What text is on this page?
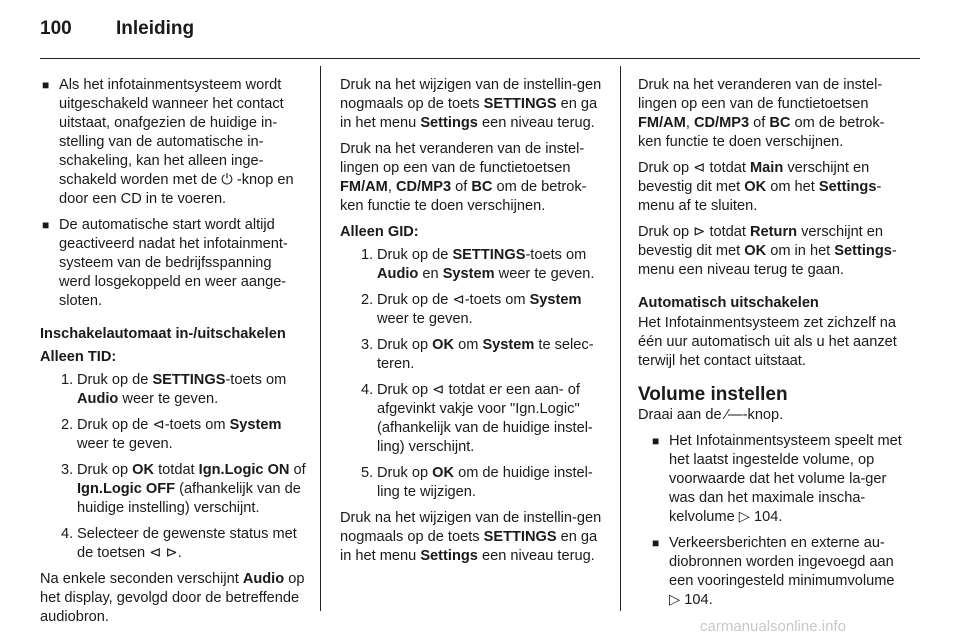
100 Inleiding
■ Als het infotainmentsysteem wordt uitgeschakeld wanneer het contact uitstaat, onafgezien de huidige in-stelling van de automatische in-schakeling, kan het alleen inge-schakeld worden met de ⏻ -knop en door een CD in te voeren.
■ De automatische start wordt altijd geactiveerd nadat het infotainment-systeem van de bedrijfsspanning werd losgekoppeld en weer aange-sloten.
Inschakelautomaat in-/uitschakelen
Alleen TID:
1. Druk op de SETTINGS-toets om Audio weer te geven.
2. Druk op de ⊲-toets om System weer te geven.
3. Druk op OK totdat Ign.Logic ON of Ign.Logic OFF (afhankelijk van de huidige instelling) verschijnt.
4. Selecteer de gewenste status met de toetsen ⊲ ⊳.

Na enkele seconden verschijnt Audio op het display, gevolgd door de betreffende audiobron.

Druk na het wijzigen van de instellin-gen nogmaals op de toets SETTINGS en ga in het menu Settings een niveau terug.

Druk na het veranderen van de instel-lingen op een van de functietoetsen FM/AM, CD/MP3 of BC om de betrok-ken functie te doen verschijnen.

Alleen GID:
1. Druk op de SETTINGS-toets om Audio en System weer te geven.
2. Druk op de ⊲-toets om System weer te geven.
3. Druk op OK om System te selec-teren.
4. Druk op ⊲ totdat er een aan- of afgevinkt vakje voor "Ign.Logic" (afhankelijk van de huidige instel-ling) verschijnt.
5. Druk op OK om de huidige instel-ling te wijzigen.

Druk na het wijzigen van de instellin-gen nogmaals op de toets SETTINGS en ga in het menu Settings een niveau terug.

Druk na het veranderen van de instel-lingen op een van de functietoetsen FM/AM, CD/MP3 of BC om de betrok-ken functie te doen verschijnen.

Druk op ⊲ totdat Main verschijnt en bevestig dit met OK om het Settings-menu af te sluiten.

Druk op ⊳ totdat Return verschijnt en bevestig dit met OK om in het Settings-menu een niveau terug te gaan.

Automatisch uitschakelen

Het Infotainmentsysteem zet zichzelf na één uur automatisch uit als u het aanzet terwijl het contact uitstaat.

Volume instellen

Draai aan de ∕—-knop.

■ Het Infotainmentsysteem speelt met het laatst ingestelde volume, op voorwaarde dat het volume la-ger was dan het maximale inscha-kelvolume ▷ 104.
■ Verkeersberichten en externe au-diobronnen worden ingevoegd aan een vooringesteld minimumvolume ▷ 104.
carmanualsonline.info
